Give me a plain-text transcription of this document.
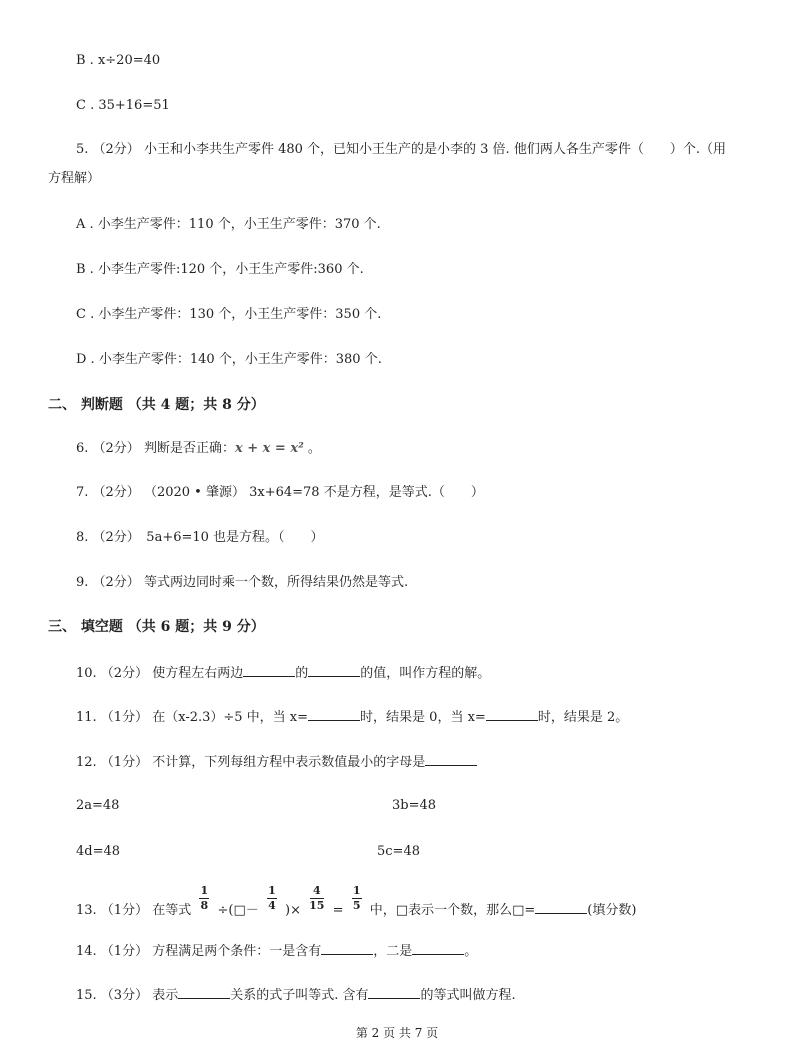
B . x÷20=40
C . 35+16=51
5. （2分） 小王和小李共生产零件 480 个，已知小王生产的是小李的 3 倍. 他们两人各生产零件（　　）个.（用
方程解）
A . 小李生产零件：110 个，小王生产零件：370 个.
B . 小李生产零件:120 个，小王生产零件:360 个.
C . 小李生产零件：130 个，小王生产零件：350 个.
D . 小李生产零件：140 个，小王生产零件：380 个.
二、 判断题 （共 4 题；共 8 分）
6. （2分） 判断是否正确：x + x = x² 。
7. （2分） （2020 • 肇源） 3x+64=78 不是方程，是等式.（　　）
8. （2分）　5a+6=10 也是方程。（　　）
9. （2分） 等式两边同时乘一个数，所得结果仍然是等式.
三、 填空题 （共 6 题；共 9 分）
10. （2分） 使方程左右两边	的	的值，叫作方程的解。
11. （1分） 在（x-2.3）÷5 中，当 x=	时，结果是 0，当 x=	时，结果是 2。
12. （1分） 不计算，下列每组方程中表示数值最小的字母是
2a=48	3b=48
4d=48	5c=48
13. （1分） 在等式 $\frac{1}{8}$ ÷(□－ $\frac{1}{4}$ )× $\frac{4}{15} = \frac{1}{5}$ 中，□表示一个数，那么□=	(填分数)
14. （1分） 方程满足两个条件：一是含有	，二是	。
15. （3分） 表示	关系的式子叫等式. 含有	的等式叫做方程.
第 2 页 共 7 页
